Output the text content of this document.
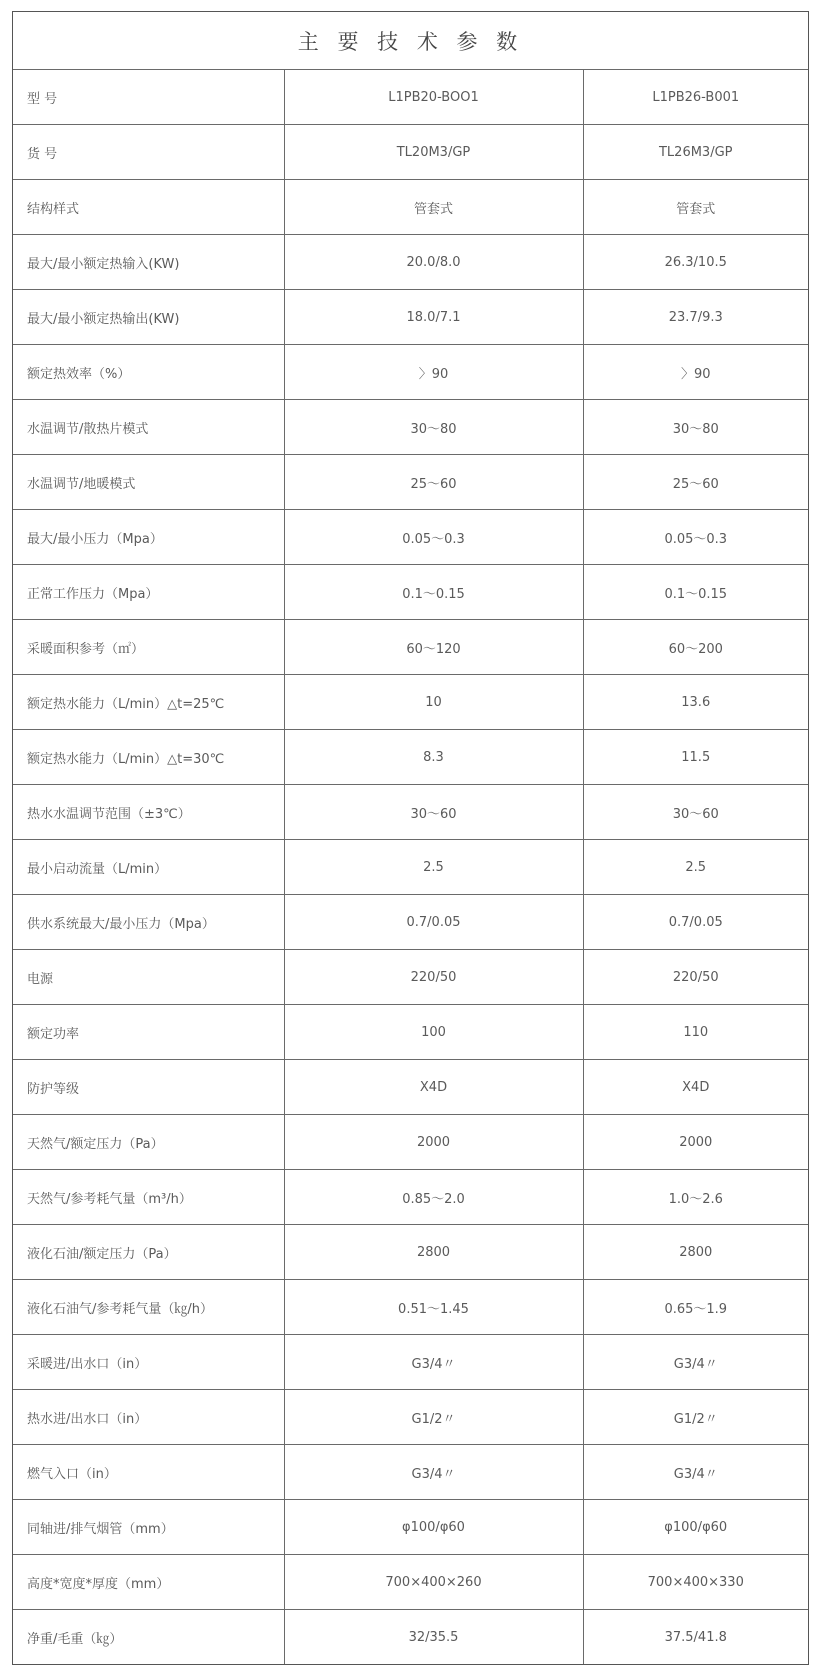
主 要 技 术 参 数
型 号	L1PB20-BOO1	L1PB26-B001
货 号	TL20M3/GP	TL26M3/GP
结构样式	管套式	管套式
最大/最小额定热输入(KW)	20.0/8.0	26.3/10.5
最大/最小额定热输出(KW)	18.0/7.1	23.7/9.3
额定热效率（%）	〉90	〉90
水温调节/散热片模式	30～80	30～80
水温调节/地暖模式	25～60	25～60
最大/最小压力（Mpa）	0.05～0.3	0.05～0.3
正常工作压力（Mpa）	0.1～0.15	0.1～0.15
采暖面积参考（㎡）	60～120	60～200
额定热水能力（L/min）△t=25℃	10	13.6
额定热水能力（L/min）△t=30℃	8.3	11.5
热水水温调节范围（±3℃）	30～60	30～60
最小启动流量（L/min）	2.5	2.5
供水系统最大/最小压力（Mpa）	0.7/0.05	0.7/0.05
电源	220/50	220/50
额定功率	100	110
防护等级	X4D	X4D
天然气/额定压力（Pa）	2000	2000
天然气/参考耗气量（m³/h）	0.85～2.0	1.0～2.6
液化石油/额定压力（Pa）	2800	2800
液化石油气/参考耗气量（㎏/h）	0.51～1.45	0.65～1.9
采暖进/出水口（in）	G3/4〃	G3/4〃
热水进/出水口（in）	G1/2〃	G1/2〃
燃气入口（in）	G3/4〃	G3/4〃
同轴进/排气烟管（mm）	φ100/φ60	φ100/φ60
高度*宽度*厚度（mm）	700×400×260	700×400×330
净重/毛重（㎏）	32/35.5	37.5/41.8
